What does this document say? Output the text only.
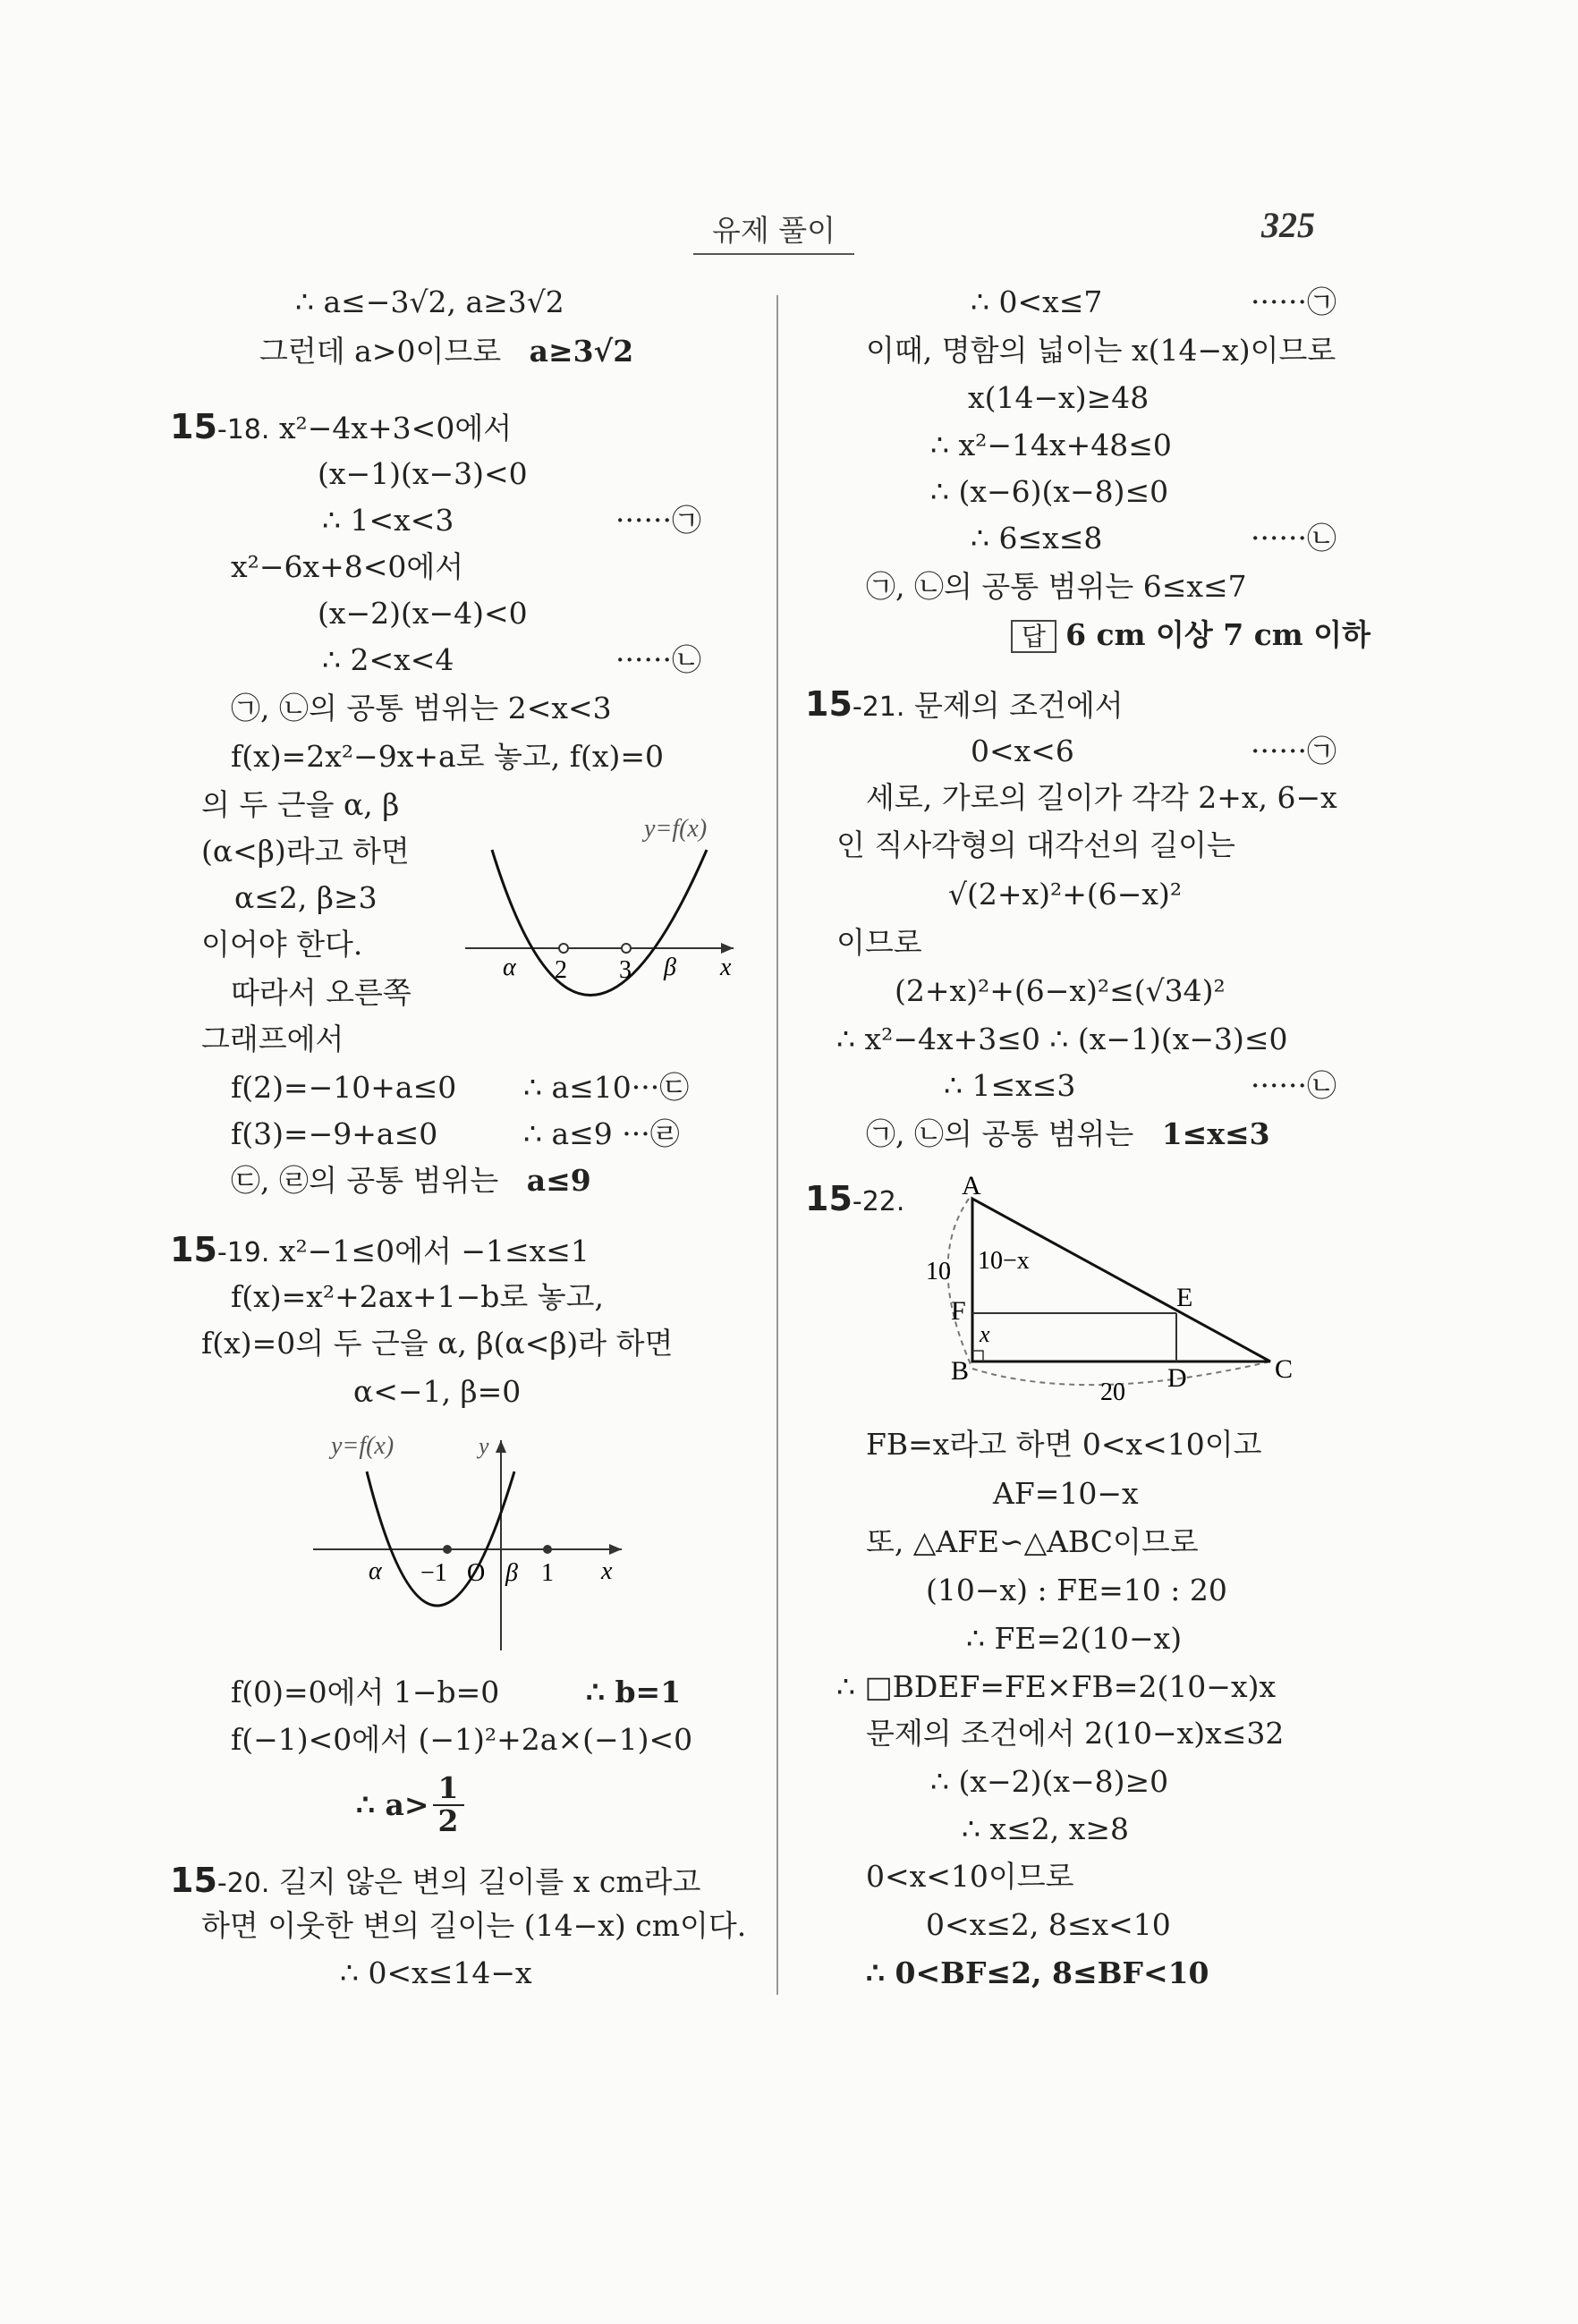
유제 풀이	325
∴ a≤−3√2, a≥3√2
그런데 a>0이므로 a≥3√2
15-18. x²−4x+3<0에서
(x−1)(x−3)<0
∴ 1<x<3	······㉠
x²−6x+8<0에서
(x−2)(x−4)<0
∴ 2<x<4	······㉡
㉠, ㉡의 공통 범위는 2<x<3
f(x)=2x²−9x+a로 놓고, f(x)=0
의 두 근을 α, β
(α<β)라고 하면
α≤2, β≥3
이어야 한다.
따라서 오른쪽
그래프에서
y=f(x)
α 2 3 β x
f(2)=−10+a≤0 ∴ a≤10···㉢
f(3)=−9+a≤0	∴ a≤9 ···㉣
㉢, ㉣의 공통 범위는 a≤9
15-19. x²−1≤0에서 −1≤x≤1
f(x)=x²+2ax+1−b로 놓고,
f(x)=0의 두 근을 α, β(α<β)라 하면
α<−1, β=0
y=f(x)	y
α −1 O β 1 x
f(0)=0에서 1−b=0	∴ b=1
f(−1)<0에서 (−1)²+2a×(−1)<0
∴ $a> \frac{1}{2}$
15-20. 길지 않은 변의 길이를 x cm라고
하면 이웃한 변의 길이는 (14−x) cm이다.
∴ 0<x≤14−x
∴ 0<x≤7	······㉠
이때, 명함의 넓이는 x(14−x)이므로
x(14−x)≥48
∴ x²−14x+48≤0
∴ (x−6)(x−8)≤0
∴ 6≤x≤8	······㉡
㉠, ㉡의 공통 범위는 6≤x≤7
답 6 cm 이상 7 cm 이하
15-21. 문제의 조건에서
0<x<6	······㉠
세로, 가로의 길이가 각각 2+x, 6−x
인 직사각형의 대각선의 길이는
√(2+x)²+(6−x)²
이므로
(2+x)²+(6−x)²≤(√34)²
∴ x²−4x+3≤0 ∴ (x−1)(x−3)≤0
∴ 1≤x≤3	······㉡
㉠, ㉡의 공통 범위는 1≤x≤3
15-22.
A
B	C
D
E
F
10 10−x
x
20
FB=x라고 하면 0<x<10이고
AF=10−x
또, △AFE∽△ABC이므로
(10−x) : FE=10 : 20
∴ FE=2(10−x)
∴ □BDEF=FE×FB=2(10−x)x
문제의 조건에서 2(10−x)x≤32
∴ (x−2)(x−8)≥0
∴ x≤2, x≥8
0<x<10이므로
0<x≤2, 8≤x<10
∴ 0<BF≤2, 8≤BF<10
